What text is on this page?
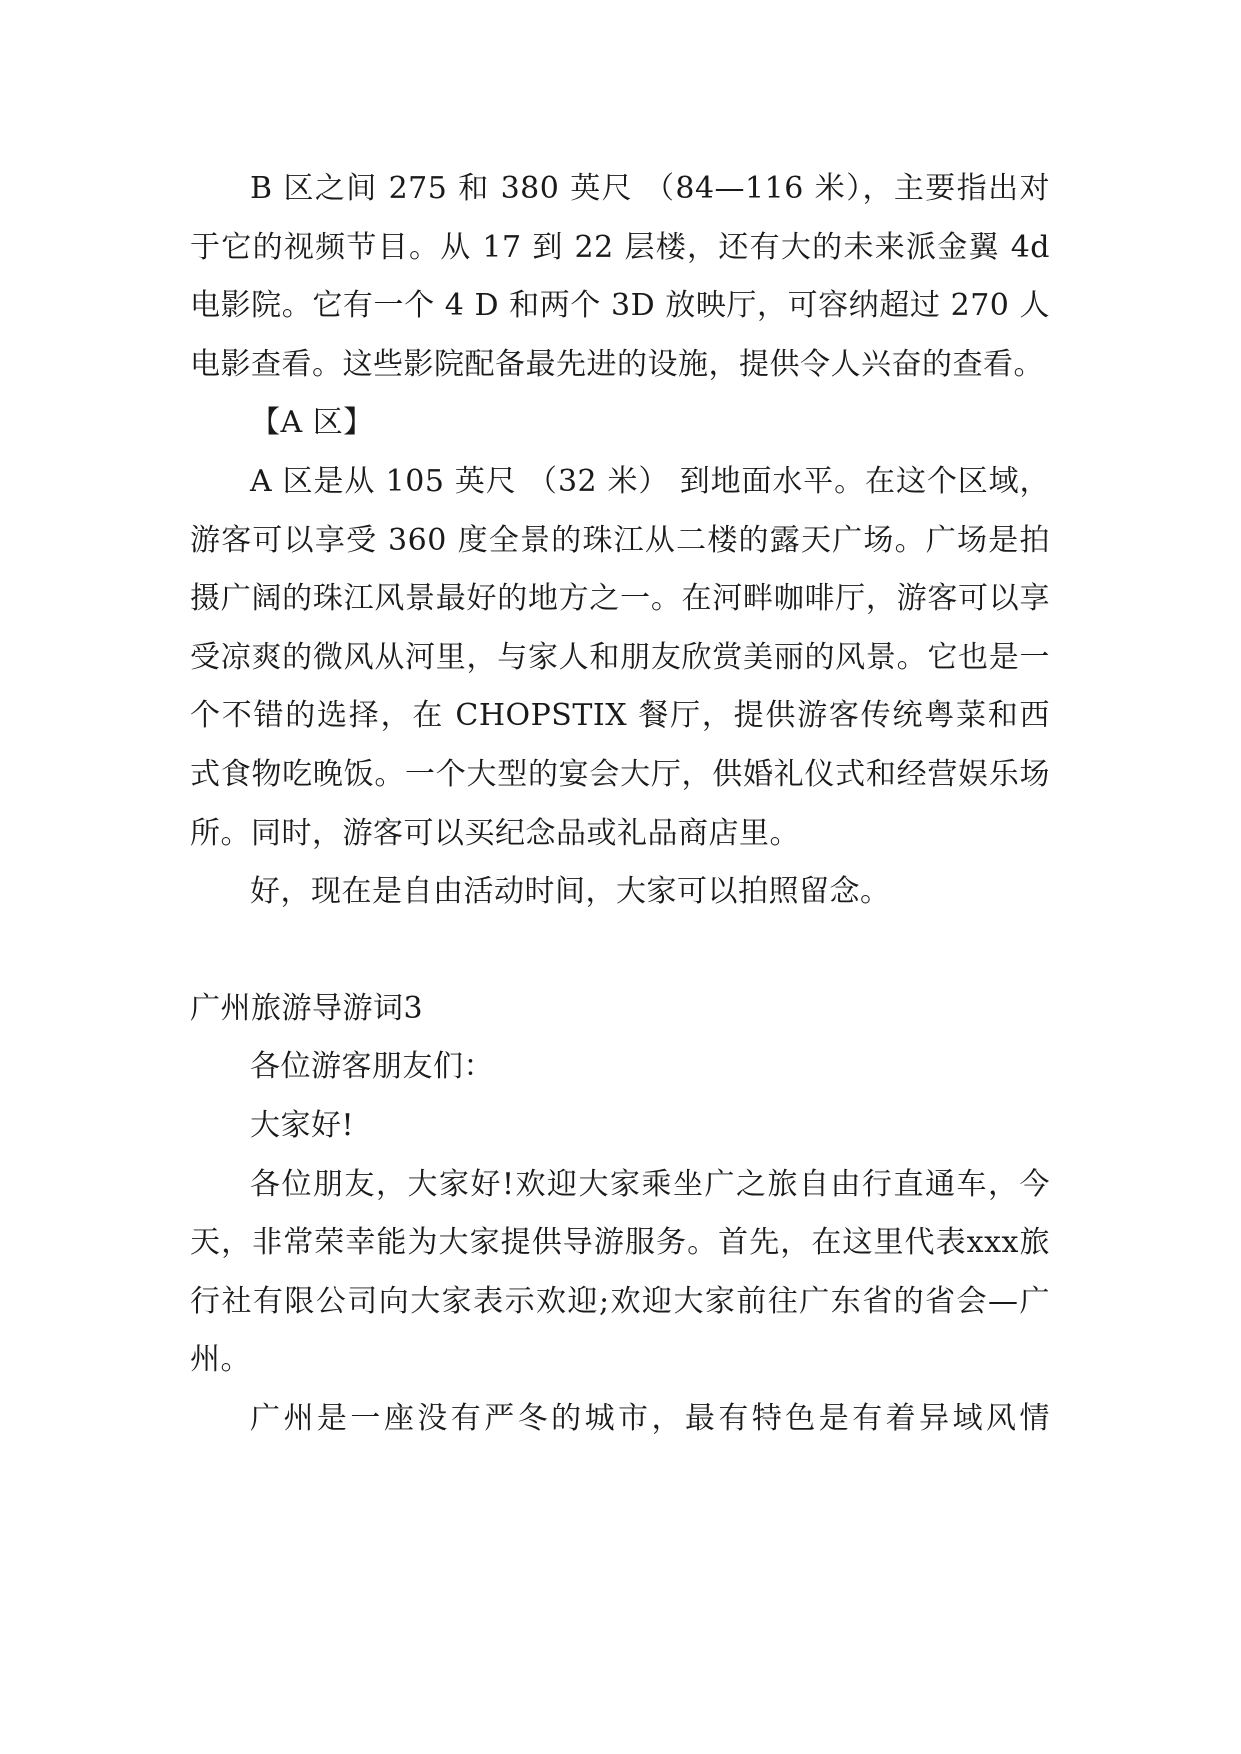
B 区之间 275 和 380 英尺 （84—116 米），主要指出对于它的视频节目。从 17 到 22 层楼，还有大的未来派金翼 4d 电影院。它有一个 4 D 和两个 3D 放映厅，可容纳超过 270 人电影查看。这些影院配备最先进的设施，提供令人兴奋的查看。

【A 区】

A 区是从 105 英尺 （32 米） 到地面水平。在这个区域，游客可以享受 360 度全景的珠江从二楼的露天广场。广场是拍摄广阔的珠江风景最好的地方之一。在河畔咖啡厅，游客可以享受凉爽的微风从河里，与家人和朋友欣赏美丽的风景。它也是一个不错的选择，在 CHOPSTIX 餐厅，提供游客传统粤菜和西式食物吃晚饭。一个大型的宴会大厅，供婚礼仪式和经营娱乐场所。同时，游客可以买纪念品或礼品商店里。

好，现在是自由活动时间，大家可以拍照留念。

广州旅游导游词3

各位游客朋友们：

大家好!

各位朋友，大家好!欢迎大家乘坐广之旅自由行直通车，今天，非常荣幸能为大家提供导游服务。首先，在这里代表xxx旅行社有限公司向大家表示欢迎;欢迎大家前往广东省的省会—广州。

广州是一座没有严冬的城市，最有特色是有着异域风情
